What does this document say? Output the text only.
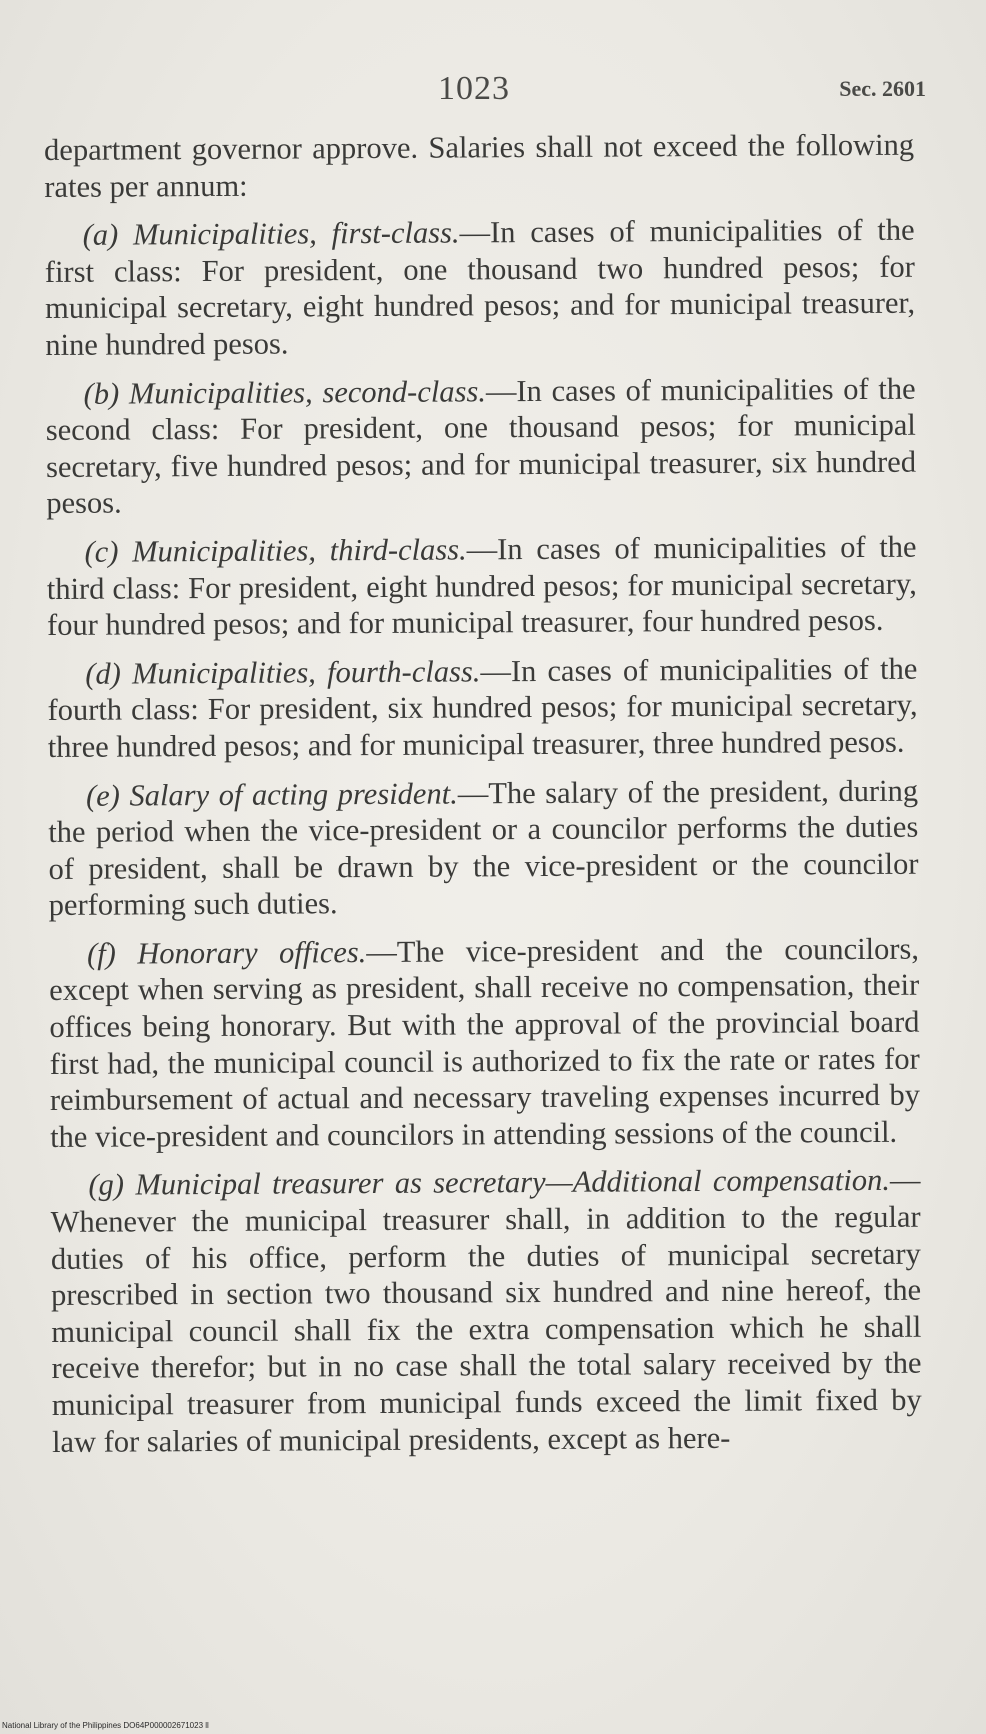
1023	Sec. 2601

department governor approve. Salaries shall not exceed the following rates per annum:

(a) Municipalities, first-class.—In cases of municipalities of the first class: For president, one thousand two hundred pesos; for municipal secretary, eight hundred pesos; and for municipal treasurer, nine hundred pesos.

(b) Municipalities, second-class.—In cases of municipalities of the second class: For president, one thousand pesos; for municipal secretary, five hundred pesos; and for municipal treasurer, six hundred pesos.

(c) Municipalities, third-class.—In cases of municipalities of the third class: For president, eight hundred pesos; for municipal secretary, four hundred pesos; and for municipal treasurer, four hundred pesos.

(d) Municipalities, fourth-class.—In cases of municipalities of the fourth class: For president, six hundred pesos; for municipal secretary, three hundred pesos; and for municipal treasurer, three hundred pesos.

(e) Salary of acting president.—The salary of the president, during the period when the vice-president or a councilor performs the duties of president, shall be drawn by the vice-president or the councilor performing such duties.

(f) Honorary offices.—The vice-president and the councilors, except when serving as president, shall receive no compensation, their offices being honorary. But with the approval of the provincial board first had, the municipal council is authorized to fix the rate or rates for reimbursement of actual and necessary traveling expenses incurred by the vice-president and councilors in attending sessions of the council.

(g) Municipal treasurer as secretary—Additional compensation.—Whenever the municipal treasurer shall, in addition to the regular duties of his office, perform the duties of municipal secretary prescribed in section two thousand six hundred and nine hereof, the municipal council shall fix the extra compensation which he shall receive therefor; but in no case shall the total salary received by the municipal treasurer from municipal funds exceed the limit fixed by law for salaries of municipal presidents, except as here-

National Library of the Philippines DO64P000002671023 ll
